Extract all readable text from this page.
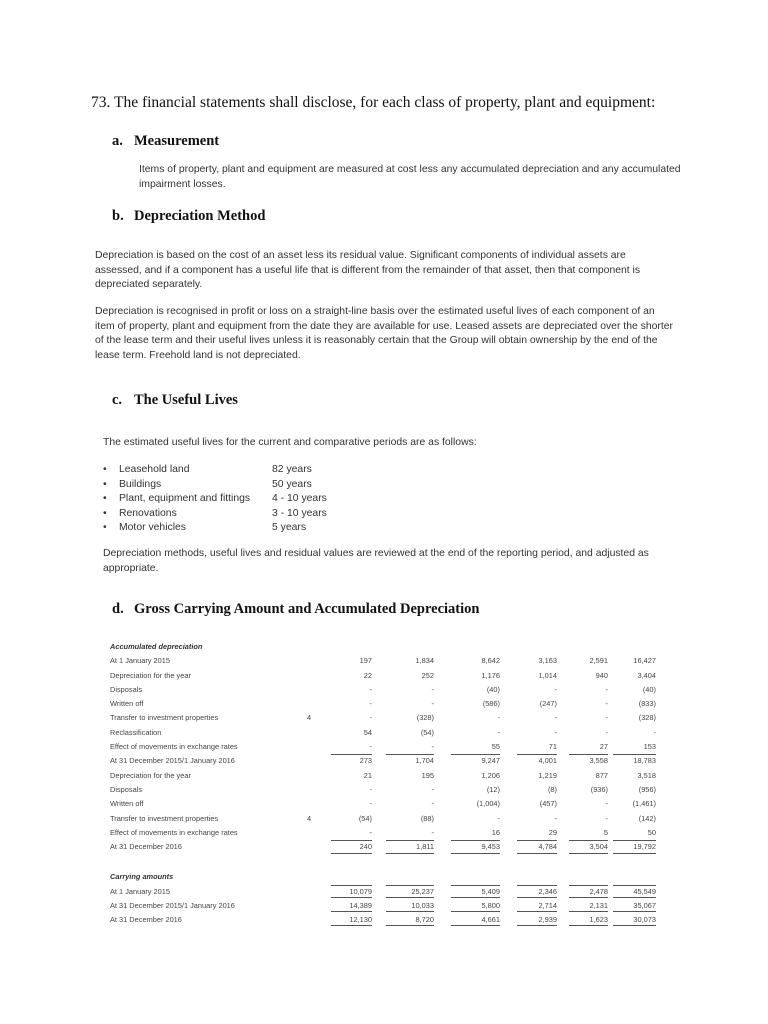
73. The financial statements shall disclose, for each class of property, plant and equipment:
a. Measurement
Items of property, plant and equipment are measured at cost less any accumulated depreciation and any accumulated impairment losses.
b. Depreciation Method
Depreciation is based on the cost of an asset less its residual value. Significant components of individual assets are assessed, and if a component has a useful life that is different from the remainder of that asset, then that component is depreciated separately.
Depreciation is recognised in profit or loss on a straight-line basis over the estimated useful lives of each component of an item of property, plant and equipment from the date they are available for use. Leased assets are depreciated over the shorter of the lease term and their useful lives unless it is reasonably certain that the Group will obtain ownership by the end of the lease term. Freehold land is not depreciated.
c. The Useful Lives
The estimated useful lives for the current and comparative periods are as follows:
•	Leasehold land	82 years
•	Buildings	50 years
•	Plant, equipment and fittings	4 - 10 years
•	Renovations	3 - 10 years
•	Motor vehicles	5 years
Depreciation methods, useful lives and residual values are reviewed at the end of the reporting period, and adjusted as appropriate.
d. Gross Carrying Amount and Accumulated Depreciation
Accumulated depreciation
At 1 January 2015	197	1,834	8,642	3,163	2,591	16,427
Depreciation for the year	22	252	1,176	1,014	940	3,404
Disposals	-	-	(40)	-	-	(40)
Written off	-	-	(586)	(247)	-	(833)
Transfer to investment properties	4	-	(328)	-	-	-	(328)
Reclassification	54	(54)	-	-	-	-
Effect of movements in exchange rates	-	-	55	71	27	153
At 31 December 2015/1 January 2016	273	1,704	9,247	4,001	3,558	18,783
Depreciation for the year	21	195	1,206	1,219	877	3,518
Disposals	-	-	(12)	(8)	(936)	(956)
Written off	-	-	(1,004)	(457)	-	(1,461)
Transfer to investment properties	4	(54)	(88)	-	-	-	(142)
Effect of movements in exchange rates	-	-	16	29	5	50
At 31 December 2016	240	1,811	9,453	4,784	3,504	19,792
Carrying amounts
At 1 January 2015	10,079	25,237	5,409	2,346	2,478	45,549
At 31 December 2015/1 January 2016	14,389	10,033	5,800	2,714	2,131	35,067
At 31 December 2016	12,130	8,720	4,661	2,939	1,623	30,073
